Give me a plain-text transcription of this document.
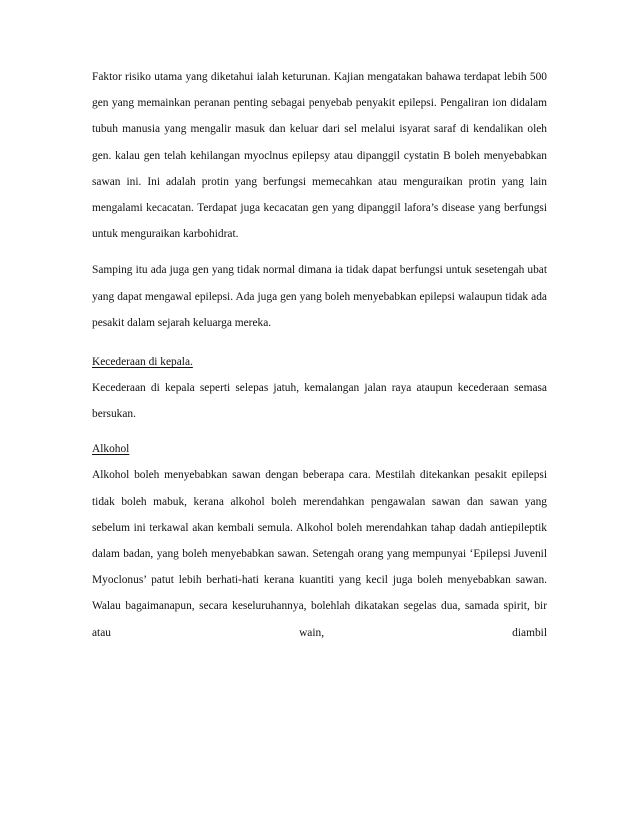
Faktor risiko utama yang diketahui ialah keturunan. Kajian mengatakan bahawa terdapat lebih 500 gen yang memainkan peranan penting sebagai penyebab penyakit epilepsi. Pengaliran ion didalam tubuh manusia yang mengalir masuk dan keluar dari sel melalui isyarat saraf di kendalikan oleh gen. kalau gen telah kehilangan myoclnus epilepsy atau dipanggil cystatin B boleh menyebabkan sawan ini. Ini adalah protin yang berfungsi memecahkan atau menguraikan protin yang lain mengalami kecacatan. Terdapat juga kecacatan gen yang dipanggil lafora’s disease yang berfungsi untuk menguraikan karbohidrat.

Samping itu ada juga gen yang tidak normal dimana ia tidak dapat berfungsi untuk sesetengah ubat yang dapat mengawal epilepsi. Ada juga gen yang boleh menyebabkan epilepsi walaupun tidak ada pesakit dalam sejarah keluarga mereka.

Kecederaan di kepala.

Kecederaan di kepala seperti selepas jatuh, kemalangan jalan raya ataupun kecederaan semasa bersukan.

Alkohol

Alkohol boleh menyebabkan sawan dengan beberapa cara. Mestilah ditekankan pesakit epilepsi tidak boleh mabuk, kerana alkohol boleh merendahkan pengawalan sawan dan sawan yang sebelum ini terkawal akan kembali semula. Alkohol boleh merendahkan tahap dadah antiepileptik dalam badan, yang boleh menyebabkan sawan. Setengah orang yang mempunyai ‘Epilepsi Juvenil Myoclonus’ patut lebih berhati-hati kerana kuantiti yang kecil juga boleh menyebabkan sawan. Walau bagaimanapun, secara keseluruhannya, bolehlah dikatakan segelas dua, samada spirit, bir atau wain, diambil
